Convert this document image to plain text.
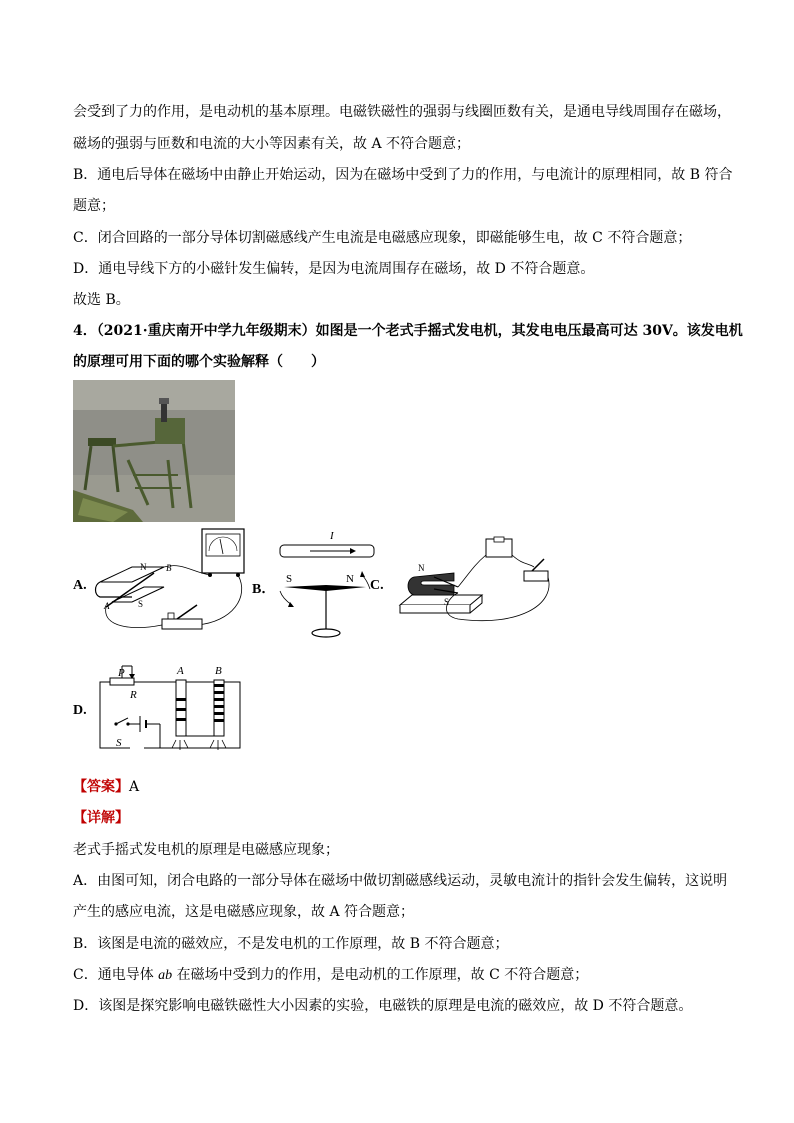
会受到了力的作用，是电动机的基本原理。电磁铁磁性的强弱与线圈匝数有关，是通电导线周围存在磁场，
磁场的强弱与匝数和电流的大小等因素有关，故 A 不符合题意；
B．通电后导体在磁场中由静止开始运动，因为在磁场中受到了力的作用，与电流计的原理相同，故 B 符合
题意；
C．闭合回路的一部分导体切割磁感线产生电流是电磁感应现象，即磁能够生电，故 C 不符合题意；
D．通电导线下方的小磁针发生偏转，是因为电流周围存在磁场，故 D 不符合题意。
故选 B。
4．（2021·重庆南开中学九年级期末）如图是一个老式手摇式发电机，其发电电压最高可达 30V。该发电机
的原理可用下面的哪个实验解释（　　）
A.
N
S
A
B
B．
I
S	N C.
N
S
D.
P
R
S
A	B
【答案】A
【详解】
老式手摇式发电机的原理是电磁感应现象；
A．由图可知，闭合电路的一部分导体在磁场中做切割磁感线运动，灵敏电流计的指针会发生偏转，这说明
产生的感应电流，这是电磁感应现象，故 A 符合题意；
B．该图是电流的磁效应，不是发电机的工作原理，故 B 不符合题意；
C．通电导体 ab 在磁场中受到力的作用，是电动机的工作原理，故 C 不符合题意；
D．该图是探究影响电磁铁磁性大小因素的实验，电磁铁的原理是电流的磁效应，故 D 不符合题意。
